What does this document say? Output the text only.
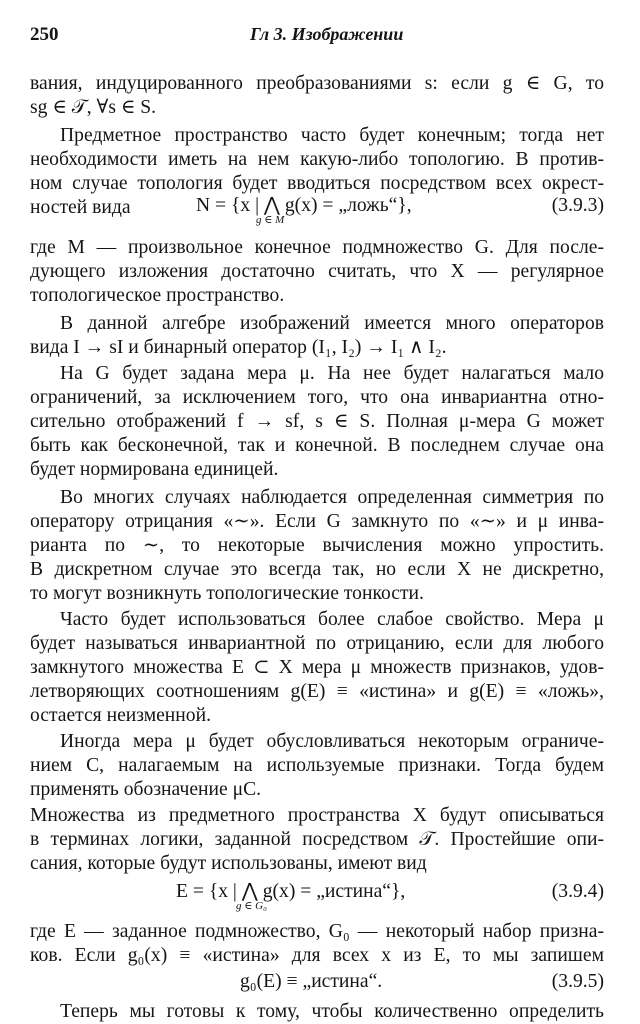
250	Гл 3. Изображении
вания, индуцированного преобразованиями s: если g ∈ G, то
sg ∈ 𝒯, ∀s ∈ S.
Предметное пространство часто будет конечным; тогда нет
необходимости иметь на нем какую-либо топологию. В против-
ном случае топология будет вводиться посредством всех окрест-
ностей вида	N = {x | ⋀ g(x) = „ложь“},
g ∈ M
(3.9.3)
где M — произвольное конечное подмножество G. Для после-
дующего изложения достаточно считать, что X — регулярное
топологическое пространство.
В данной алгебре изображений имеется много операторов
вида I → sI и бинарный оператор (I₁, I₂) → I₁ ∧ I₂.
На G будет задана мера μ. На нее будет налагаться мало
ограничений, за исключением того, что она инвариантна отно-
сительно отображений f → sf, s ∈ S. Полная μ-мера G может
быть как бесконечной, так и конечной. В последнем случае она
будет нормирована единицей.
Во многих случаях наблюдается определенная симметрия по
оператору отрицания «∼». Если G замкнуто по «∼» и μ инва-
рианта по ∼, то некоторые вычисления можно упростить.
В дискретном случае это всегда так, но если X не дискретно,
то могут возникнуть топологические тонкости.
Часто будет использоваться более слабое свойство. Мера μ
будет называться инвариантной по отрицанию, если для любого
замкнутого множества E ⊂ X мера μ множеств признаков, удов-
летворяющих соотношениям g(E) ≡ «истина» и g(E) ≡ «ложь»,
остается неизменной.
Иногда мера μ будет обусловливаться некоторым ограниче-
нием C, налагаемым на используемые признаки. Тогда будем
применять обозначение μC.
Множества из предметного пространства X будут описываться
в терминах логики, заданной посредством 𝒯. Простейшие опи-
сания, которые будут использованы, имеют вид
E = {x | ⋀ g(x) = „истина“},
g ∈ G₀
(3.9.4)
где E — заданное подмножество, G₀ — некоторый набор призна-
ков. Если g₀(x) ≡ «истина» для всех x из E, то мы запишем
g₀(E) ≡ „истина“.	(3.9.5)
Теперь мы готовы к тому, чтобы количественно определить
